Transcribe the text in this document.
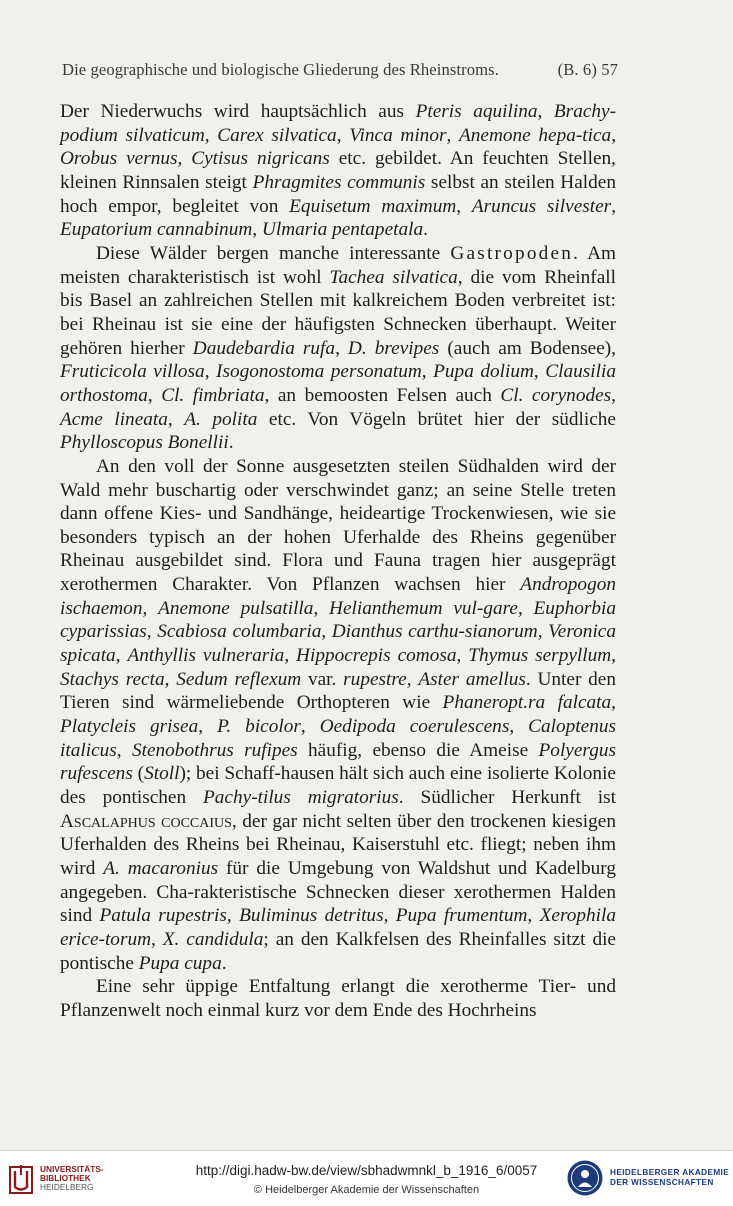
Die geographische und biologische Gliederung des Rheinstroms.	(B. 6) 57

Der Niederwuchs wird hauptsächlich aus Pteris aquilina, Brachy-podium silvaticum, Carex silvatica, Vinca minor, Anemone hepa-tica, Orobus vernus, Cytisus nigricans etc. gebildet. An feuchten Stellen, kleinen Rinnsalen steigt Phragmites communis selbst an steilen Halden hoch empor, begleitet von Equisetum maximum, Aruncus silvester, Eupatorium cannabinum, Ulmaria pentapetala.

Diese Wälder bergen manche interessante Gastropoden. Am meisten charakteristisch ist wohl Tachea silvatica, die vom Rheinfall bis Basel an zahlreichen Stellen mit kalkreichem Boden verbreitet ist: bei Rheinau ist sie eine der häufigsten Schnecken überhaupt. Weiter gehören hierher Daudebardia rufa, D. brevipes (auch am Bodensee), Fruticicola villosa, Isogonostoma personatum, Pupa dolium, Clausilia orthostoma, Cl. fimbriata, an bemoosten Felsen auch Cl. corynodes, Acme lineata, A. polita etc. Von Vögeln brütet hier der südliche Phylloscopus Bonellii.

An den voll der Sonne ausgesetzten steilen Südhalden wird der Wald mehr buschartig oder verschwindet ganz; an seine Stelle treten dann offene Kies- und Sandhänge, heideartige Trockenwiesen, wie sie besonders typisch an der hohen Uferhalde des Rheins gegenüber Rheinau ausgebildet sind. Flora und Fauna tragen hier ausgeprägt xerothermen Charakter. Von Pflanzen wachsen hier Andropogon ischaemon, Anemone pulsatilla, Helianthemum vul-gare, Euphorbia cyparissias, Scabiosa columbaria, Dianthus carthu-sianorum, Veronica spicata, Anthyllis vulneraria, Hippocrepis comosa, Thymus serpyllum, Stachys recta, Sedum reflexum var. rupestre, Aster amellus. Unter den Tieren sind wärmeliebende Orthopteren wie Phaneropt.ra falcata, Platycleis grisea, P. bicolor, Oedipoda coerulescens, Caloptenus italicus, Stenobothrus rufipes häufig, ebenso die Ameise Polyergus rufescens (Stoll); bei Schaff-hausen hält sich auch eine isolierte Kolonie des pontischen Pachy-tilus migratorius. Südlicher Herkunft ist Ascalaphus coccaius, der gar nicht selten über den trockenen kiesigen Uferhalden des Rheins bei Rheinau, Kaiserstuhl etc. fliegt; neben ihm wird A. macaronius für die Umgebung von Waldshut und Kadelburg angegeben. Cha-rakteristische Schnecken dieser xerothermen Halden sind Patula rupestris, Buliminus detritus, Pupa frumentum, Xerophila erice-torum, X. candidula; an den Kalkfelsen des Rheinfalles sitzt die pontische Pupa cupa.

Eine sehr üppige Entfaltung erlangt die xerotherme Tier- und Pflanzenwelt noch einmal kurz vor dem Ende des Hochrheins

UNIVERSITÄTS-
BIBLIOTHEK
HEIDELBERG
http://digi.hadw-bw.de/view/sbhadwmnkl_b_1916_6/0057
© Heidelberger Akademie der Wissenschaften
HEIDELBERGER AKADEMIE
DER WISSENSCHAFTEN
